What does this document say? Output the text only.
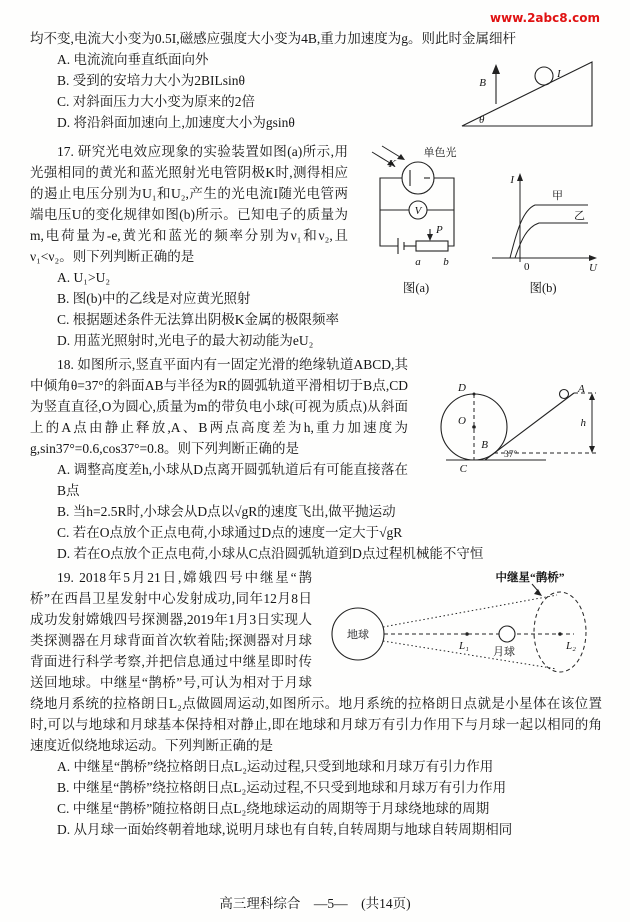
www.2abc8.com
B
I
θ

均不变,电流大小变为0.5I,磁感应强度大小变为4B,重力加速度为g。则此时金属细杆

A. 电流流向垂直纸面向外

B. 受到的安培力大小为2BILsinθ

C. 对斜面压力大小变为原来的2倍

D. 将沿斜面加速向上,加速度大小为gsinθ

单色光
K
V
P
a b
图(a)
I
U
0
甲
乙
图(b)

17. 研究光电效应现象的实验装置如图(a)所示,用光强相同的黄光和蓝光照射光电管阴极K时,测得相应的遏止电压分别为U₁和U₂,产生的光电流I随光电管两端电压U的变化规律如图(b)所示。已知电子的质量为m,电荷量为-e,黄光和蓝光的频率分别为ν₁和ν₂,且ν₁<ν₂。则下列判断正确的是

A. U₁>U₂

B. 图(b)中的乙线是对应黄光照射

C. 根据题述条件无法算出阴极K金属的极限频率

D. 用蓝光照射时,光电子的最大初动能为eU₂

D
O
C
A
B
37°
h

18. 如图所示,竖直平面内有一固定光滑的绝缘轨道ABCD,其中倾角θ=37°的斜面AB与半径为R的圆弧轨道平滑相切于B点,CD为竖直直径,O为圆心,质量为m的带负电小球(可视为质点)从斜面上的A点由静止释放,A、B两点高度差为h,重力加速度为g,sin37°=0.6,cos37°=0.8。则下列判断正确的是

A. 调整高度差h,小球从D点离开圆弧轨道后有可能直接落在B点

B. 当h=2.5R时,小球会从D点以√gR的速度飞出,做平抛运动

C. 若在O点放个正点电荷,小球通过D点的速度一定大于√gR

D. 若在O点放个正点电荷,小球从C点沿圆弧轨道到D点过程机械能不守恒

地球
L₁ 月球	L₂
中继星“鹊桥”

19. 2018年5月21日,嫦娥四号中继星“鹊桥”在西昌卫星发射中心发射成功,同年12月8日成功发射嫦娥四号探测器,2019年1月3日实现人类探测器在月球背面首次软着陆;探测器对月球背面进行科学考察,并把信息通过中继星即时传送回地球。中继星“鹊桥”号,可认为相对于月球绕地月系统的拉格朗日L₂点做圆周运动,如图所示。地月系统的拉格朗日点就是小星体在该位置时,可以与地球和月球基本保持相对静止,即在地球和月球万有引力作用下与月球一起以相同的角速度近似绕地球运动。下列判断正确的是

A. 中继星“鹊桥”绕拉格朗日点L₂运动过程,只受到地球和月球万有引力作用

B. 中继星“鹊桥”绕拉格朗日点L₂运动过程,不只受到地球和月球万有引力作用

C. 中继星“鹊桥”随拉格朗日点L₂绕地球运动的周期等于月球绕地球的周期

D. 从月球一面始终朝着地球,说明月球也有自转,自转周期与地球自转周期相同

高三理科综合　—5—　(共14页)
